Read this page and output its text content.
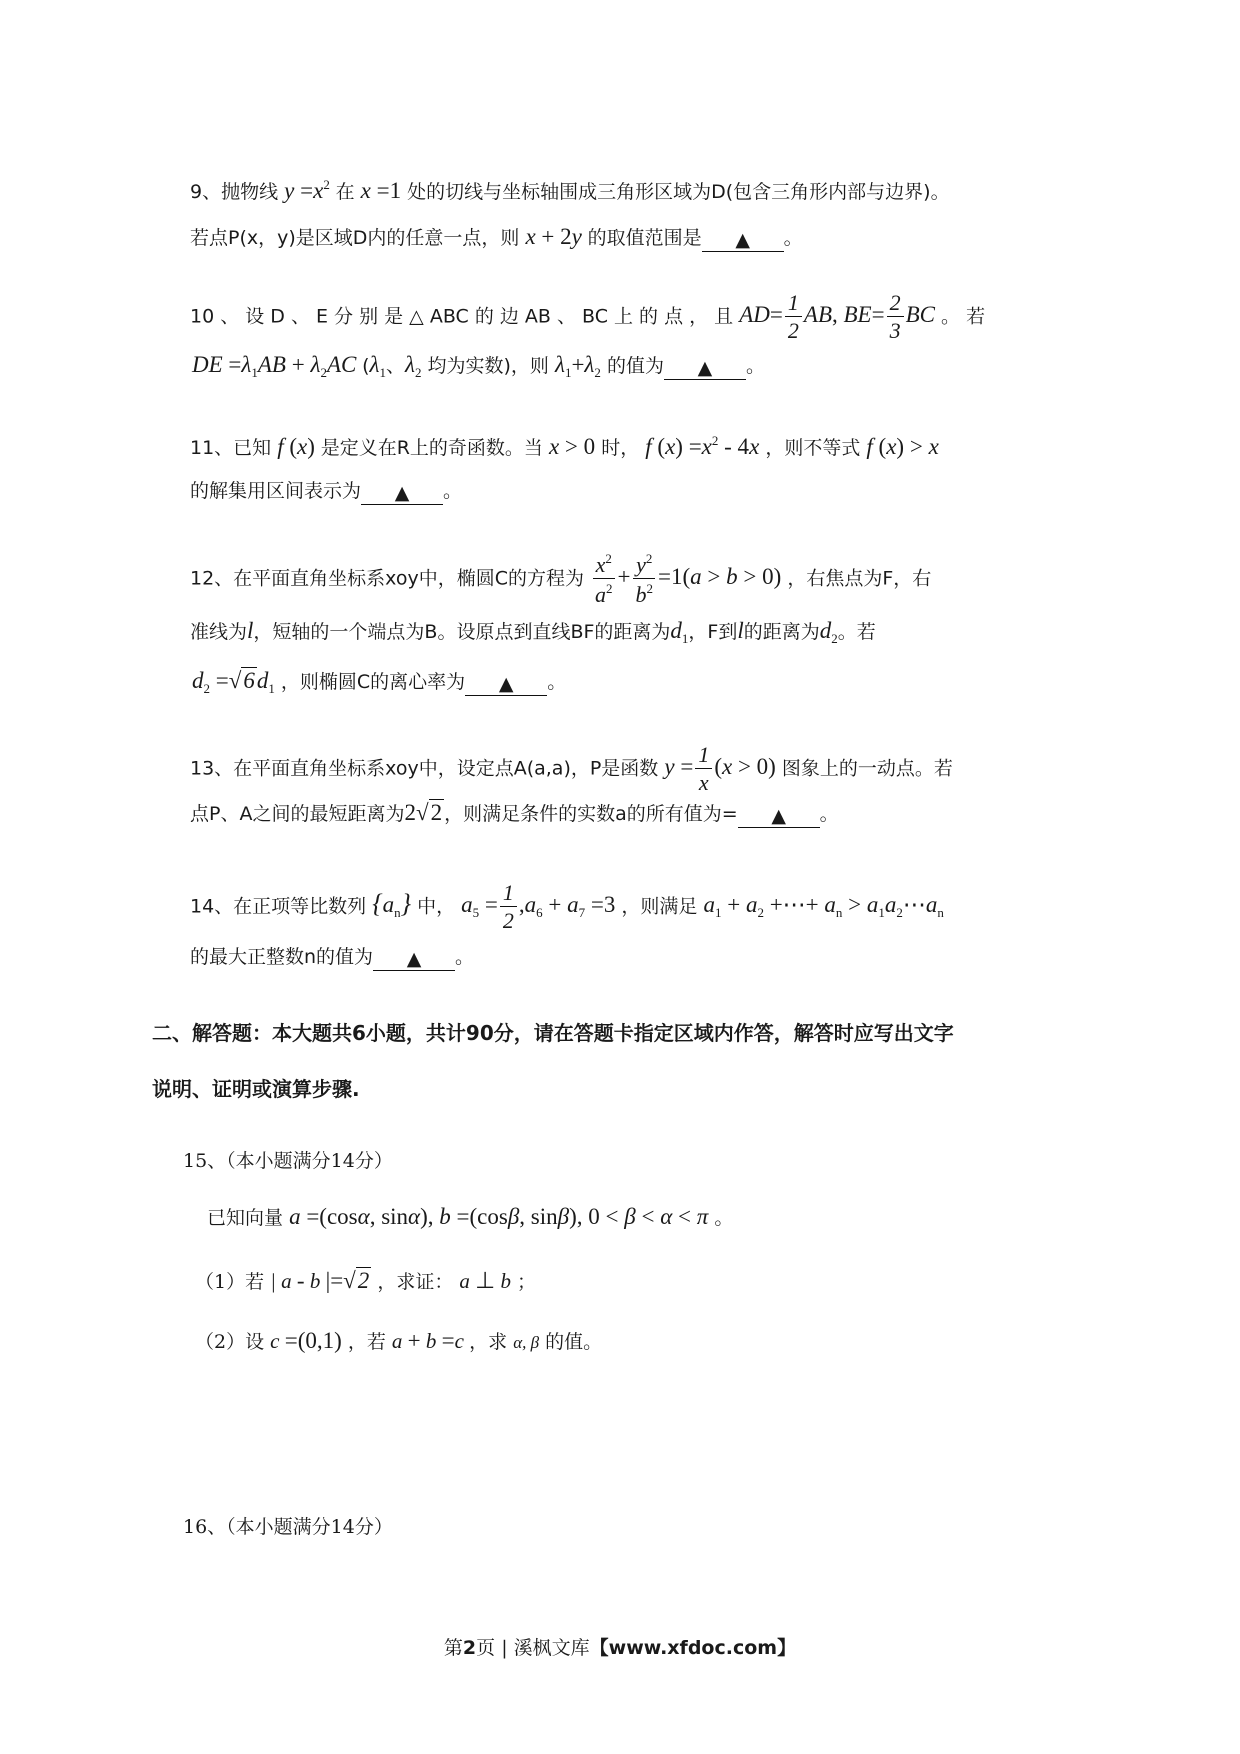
9、抛物线 $y =x^2$ 在 x =1 处的切线与坐标轴围成三角形区域为D(包含三角形内部与边界)。
若点P(x，y)是区域D内的任意一点，则 x + 2y 的取值范围是 ▲ 。
10 、 设 D 、 E 分 别 是 △ ABC 的 边 AB 、 BC 上 的 点 ， 且 $AD= \frac{1}{2}$ AB, $BE= \frac{2}{3}$ BC 。 若
DE $=\lambda_1AB + \lambda_2AC$ ($\lambda_1$、$\lambda_2$ 均为实数)，则 $\lambda_1+\lambda_2$ 的值为 ▲ 。
11、已知 f (x) 是定义在R上的奇函数。当 x > 0 时， f $(x) =x^2 - 4x$ ，则不等式 f (x) > x
的解集用区间表示为 ▲ 。
12、在平面直角坐标系xoy中，椭圆C的方程为 $\frac{x^2}{a^2} + \frac{y^2}{b^2} =1(a > b > 0)$ ，右焦点为F，右
准线为l，短轴的一个端点为B。设原点到直线BF的距离为$d_1$，F到l的距离为$d_2$。若
$d_2 =√6d_1$ ，则椭圆C的离心率为 ▲ 。
13、在平面直角坐标系xoy中，设定点A(a,a)，P是函数 $y = \frac{1}{x} (x > 0)$ 图象上的一动点。若
点P、A之间的最短距离为2√2 ，则满足条件的实数a的所有值为= ▲ 。
14、在正项等比数列 $\{a_n\}$ 中， $a_5 = \frac{1}{2} ,a_6 + a_7 =3$ ，则满足 $a_1 + a_2$ +⋯+ $a_n$ > $a_1a_2\cdots a_n$
的最大正整数n的值为 ▲ 。
二、解答题：本大题共6小题，共计90分，请在答题卡指定区域内作答，解答时应写出文字
说明、证明或演算步骤.
15、（本小题满分14分）
已知向量 a =(cosα, sinα), b =(cosβ, sinβ), 0 < β < α < π 。
（1）若 | a - b |=√2 ，求证： a ⊥ b ；
（2）设 c =(0,1) ，若 a + b =c ，求 α, β 的值。
16、（本小题满分14分）
第2页 | 溪枫文库【www.xfdoc.com】
